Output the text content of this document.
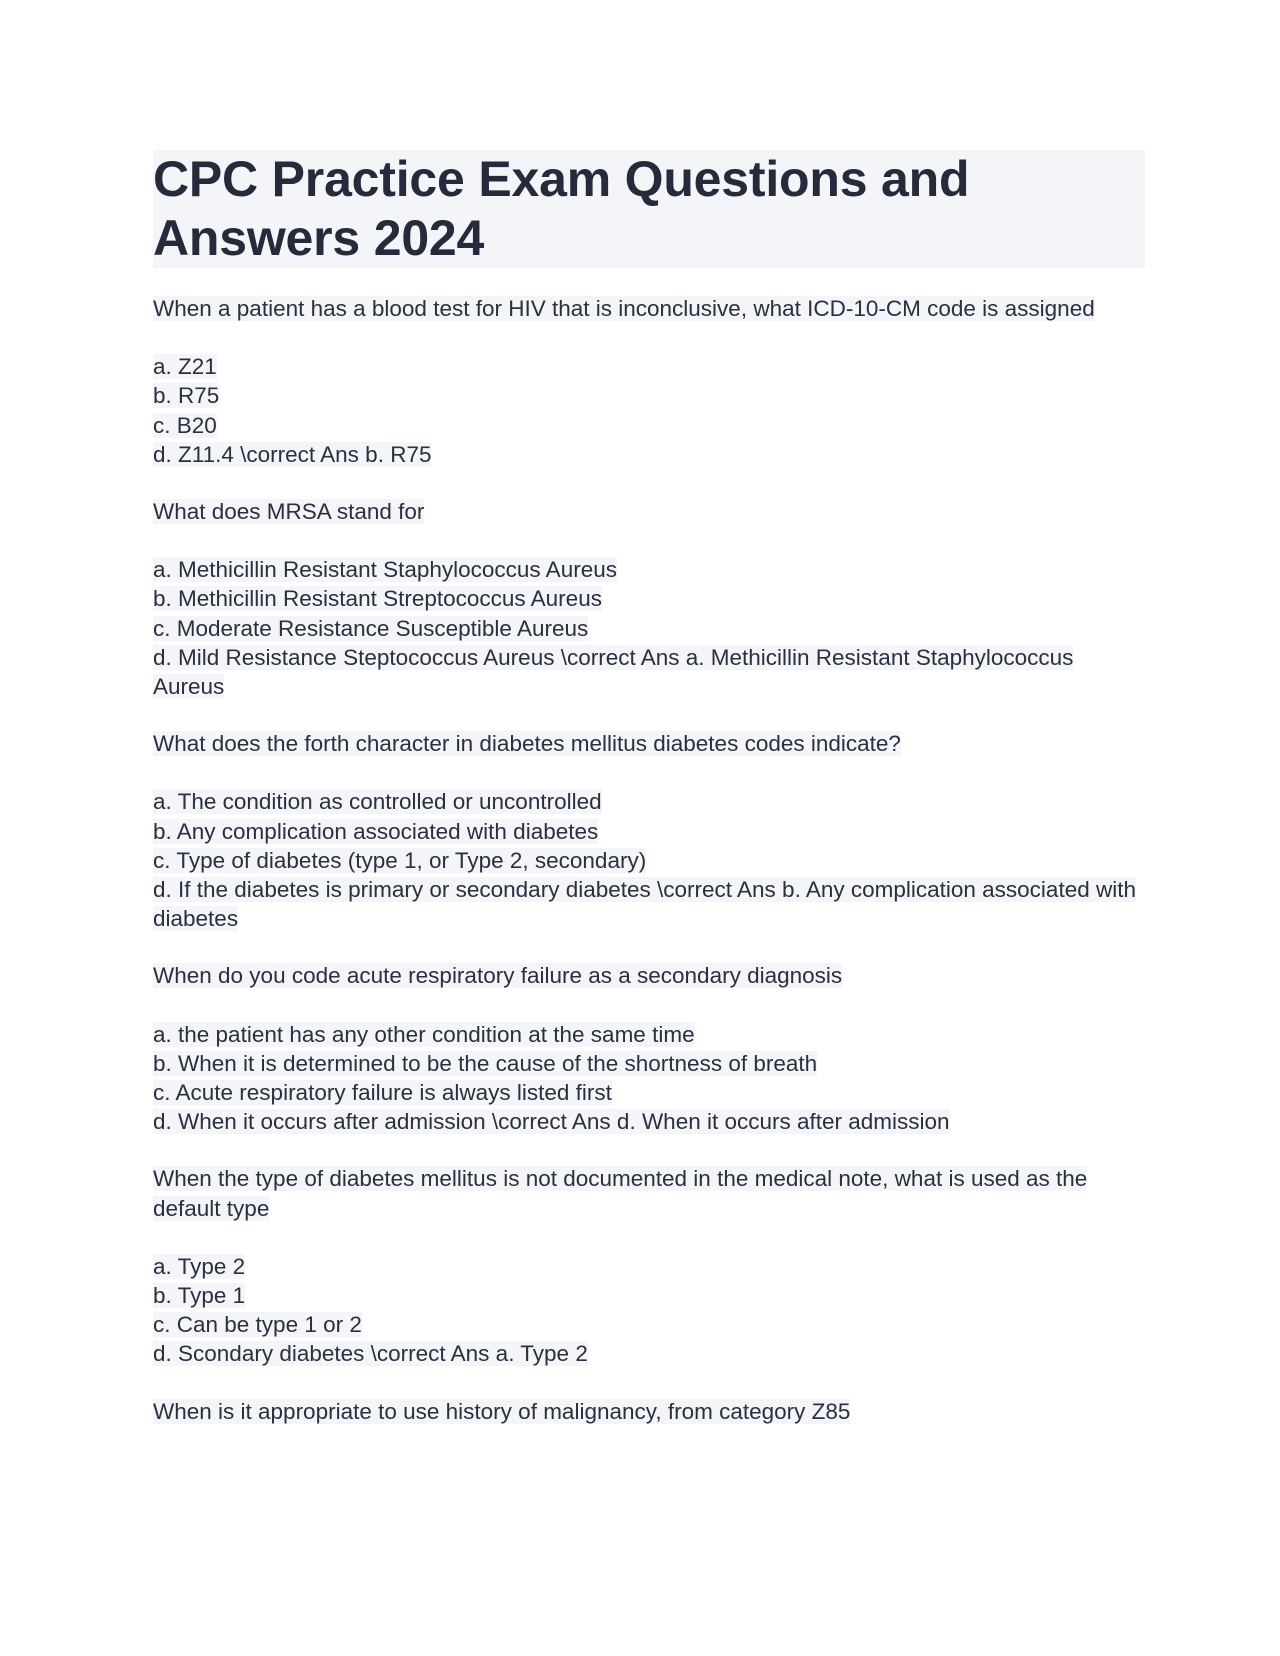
CPC Practice Exam Questions and Answers 2024
When a patient has a blood test for HIV that is inconclusive, what ICD-10-CM code is assigned
a. Z21
b. R75
c. B20
d. Z11.4 \correct Ans b. R75
What does MRSA stand for
a. Methicillin Resistant Staphylococcus Aureus
b. Methicillin Resistant Streptococcus Aureus
c. Moderate Resistance Susceptible Aureus
d. Mild Resistance Steptococcus Aureus \correct Ans a. Methicillin Resistant Staphylococcus Aureus
What does the forth character in diabetes mellitus diabetes codes indicate?
a. The condition as controlled or uncontrolled
b. Any complication associated with diabetes
c. Type of diabetes (type 1, or Type 2, secondary)
d. If the diabetes is primary or secondary diabetes \correct Ans b. Any complication associated with diabetes
When do you code acute respiratory failure as a secondary diagnosis
a. the patient has any other condition at the same time
b. When it is determined to be the cause of the shortness of breath
c. Acute respiratory failure is always listed first
d. When it occurs after admission \correct Ans d. When it occurs after admission
When the type of diabetes mellitus is not documented in the medical note, what is used as the default type
a. Type 2
b. Type 1
c. Can be type 1 or 2
d. Scondary diabetes \correct Ans a. Type 2
When is it appropriate to use history of malignancy, from category Z85
